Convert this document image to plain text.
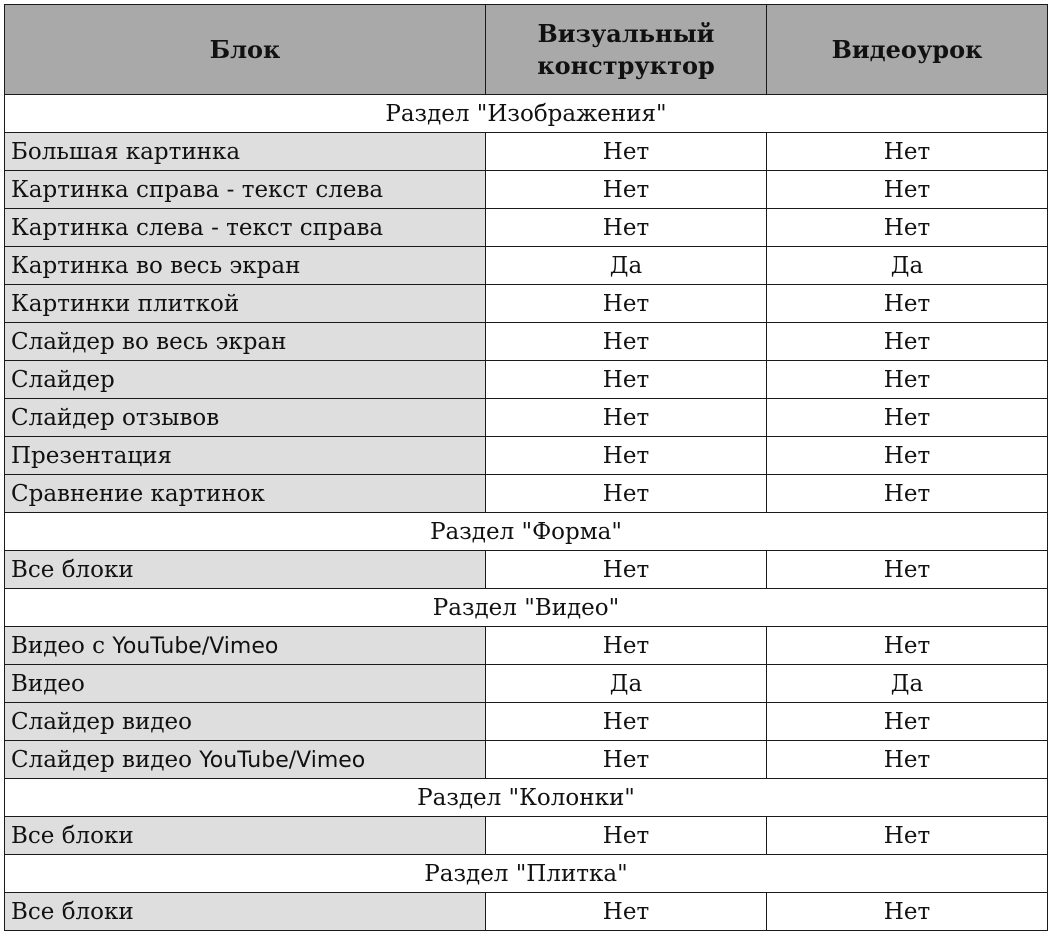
Блок	Визуальный конструктор	Видеоурок
Раздел "Изображения"		
Большая картинка	Нет	Нет
Картинка справа - текст слева	Нет	Нет
Картинка слева - текст справа	Нет	Нет
Картинка во весь экран	Да	Да
Картинки плиткой	Нет	Нет
Слайдер во весь экран	Нет	Нет
Слайдер	Нет	Нет
Слайдер отзывов	Нет	Нет
Презентация	Нет	Нет
Сравнение картинок	Нет	Нет
Раздел "Форма"		
Все блоки	Нет	Нет
Раздел "Видео"		
Видео с YouTube/Vimeo	Нет	Нет
Видео	Да	Да
Слайдер видео	Нет	Нет
Слайдер видео YouTube/Vimeo	Нет	Нет
Раздел "Колонки"		
Все блоки	Нет	Нет
Раздел "Плитка"		
Все блоки	Нет	Нет
